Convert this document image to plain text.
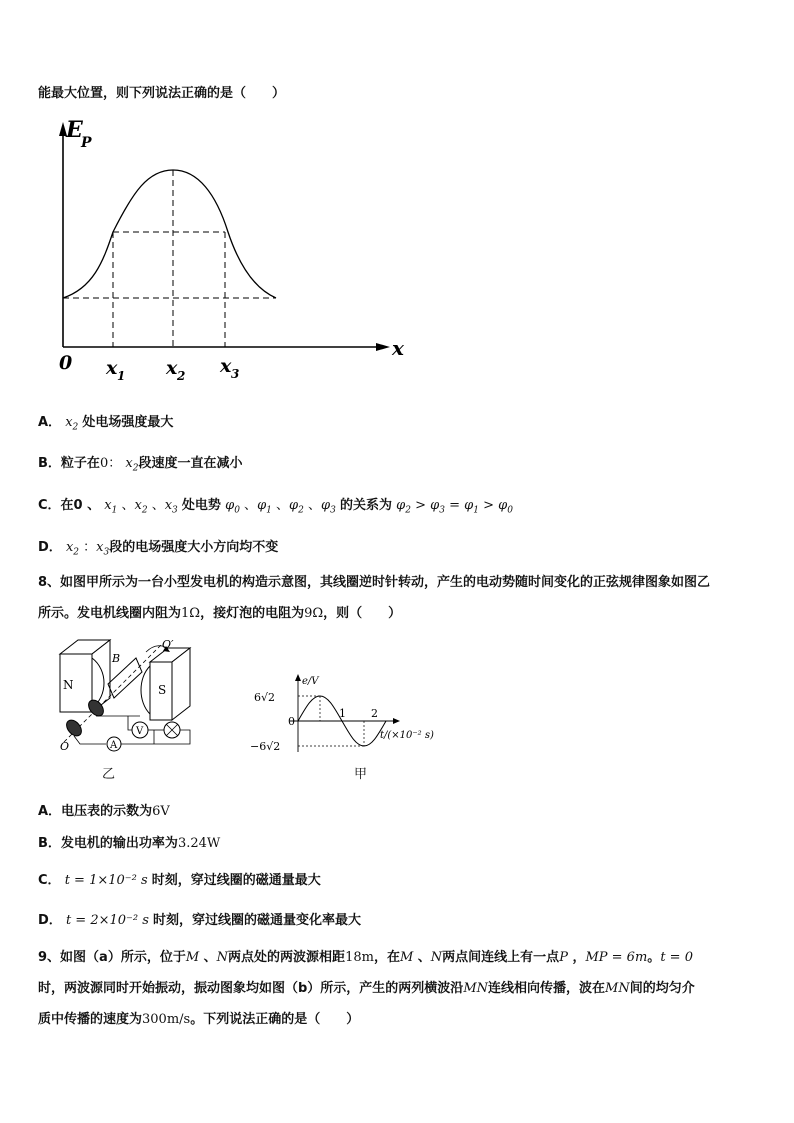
能最大位置，则下列说法正确的是（　　）
E
P
x
0 x 1 x 2 x 3
A． $x_2$ 处电场强度最大
B．粒子在0： $x_2$段速度一直在减小
C．在0 、 $x_1$ 、$x_2$ 、$x_3$ 处电势 $\varphi_0$ 、$\varphi_1$ 、$\varphi_2$ 、$\varphi_3$ 的关系为 $\varphi_2 > \varphi_3 = \varphi_1 > \varphi_0$
D． $x_2$ ：$x_3$段的电场强度大小方向均不变
8、如图甲所示为一台小型发电机的构造示意图，其线圈逆时针转动，产生的电动势随时间变化的正弦规律图象如图乙
所示。发电机线圈内阻为1Ω，接灯泡的电阻为9Ω，则（　　）
N	S
B
O′
O
V
A
乙
e/V
6√2
0
−6√2
1 2
t/(×10⁻² s)
甲
A．电压表的示数为6V
B．发电机的输出功率为3.24W
C． t = 1×10⁻² s 时刻，穿过线圈的磁通量最大
D． t = 2×10⁻² s 时刻，穿过线圈的磁通量变化率最大
9、如图（a）所示，位于M 、N两点处的两波源相距18m，在M 、N两点间连线上有一点P ，MP = 6m。t = 0
时，两波源同时开始振动，振动图象均如图（b）所示，产生的两列横波沿MN连线相向传播，波在MN间的均匀介
质中传播的速度为300m/s。下列说法正确的是（　　）
